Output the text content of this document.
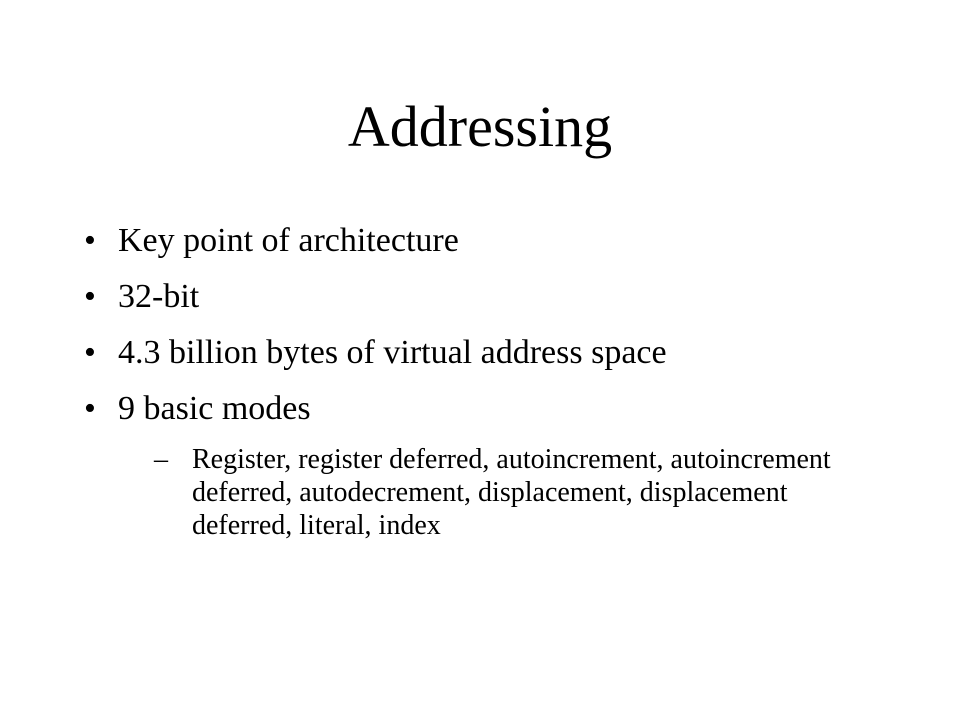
Addressing
• Key point of architecture
• 32-bit
• 4.3 billion bytes of virtual address space
• 9 basic modes
– Register, register deferred, autoincrement, autoincrement deferred, autodecrement, displacement, displacement deferred, literal, index
